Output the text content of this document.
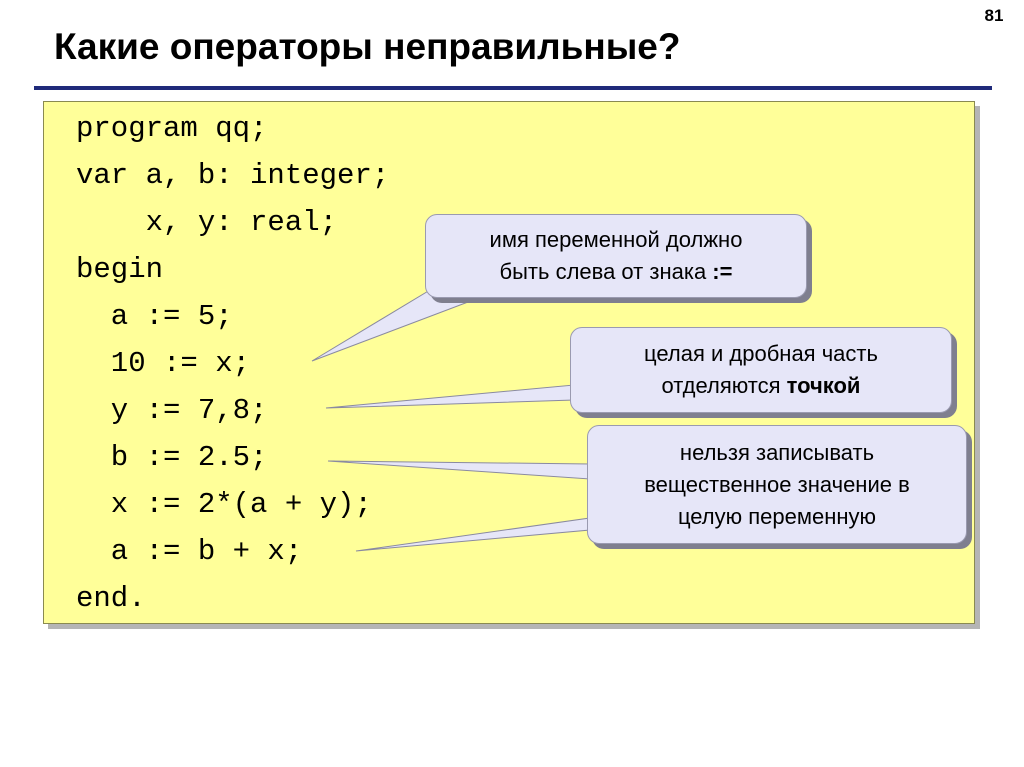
81
Какие операторы неправильные?
program qq;
var a, b: integer;
x, y: real;
begin
a := 5;
10 := x;
y := 7,8;
b := 2.5;
x := 2*(a + y);
a := b + x;
end.
имя переменной должно
быть слева от знака :=
целая и дробная часть
отделяются точкой
нельзя записывать
вещественное значение в
целую переменную
